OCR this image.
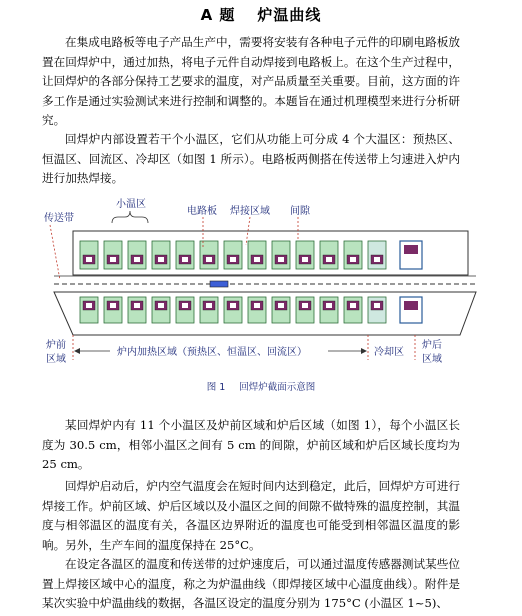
A 题 炉温曲线

在集成电路板等电子产品生产中，需要将安装有各种电子元件的印刷电路板放置在回焊炉中，通过加热，将电子元件自动焊接到电路板上。在这个生产过程中，让回焊炉的各部分保持工艺要求的温度，对产品质量至关重要。目前，这方面的许多工作是通过实验测试来进行控制和调整的。本题旨在通过机理模型来进行分析研究。

回焊炉内部设置若干个小温区，它们从功能上可分成 4 个大温区：预热区、恒温区、回流区、冷却区（如图 1 所示）。电路板两侧搭在传送带上匀速进入炉内进行加热焊接。

传送带
小温区
电路板 焊接区域 间隙
炉前
区域
炉内加热区域（预热区、恒温区、回流区）	冷却区
炉后
区域
图 1 回焊炉截面示意图

某回焊炉内有 11 个小温区及炉前区域和炉后区域（如图 1），每个小温区长度为 30.5 cm，相邻小温区之间有 5 cm 的间隙，炉前区域和炉后区域长度均为 25 cm。

回焊炉启动后，炉内空气温度会在短时间内达到稳定，此后，回焊炉方可进行焊接工作。炉前区域、炉后区域以及小温区之间的间隙不做特殊的温度控制，其温度与相邻温区的温度有关，各温区边界附近的温度也可能受到相邻温区温度的影响。另外，生产车间的温度保持在 25°C。

在设定各温区的温度和传送带的过炉速度后，可以通过温度传感器测试某些位置上焊接区域中心的温度，称之为炉温曲线（即焊接区域中心温度曲线）。附件是某次实验中炉温曲线的数据，各温区设定的温度分别为 175°C (小温区 1~5)、
